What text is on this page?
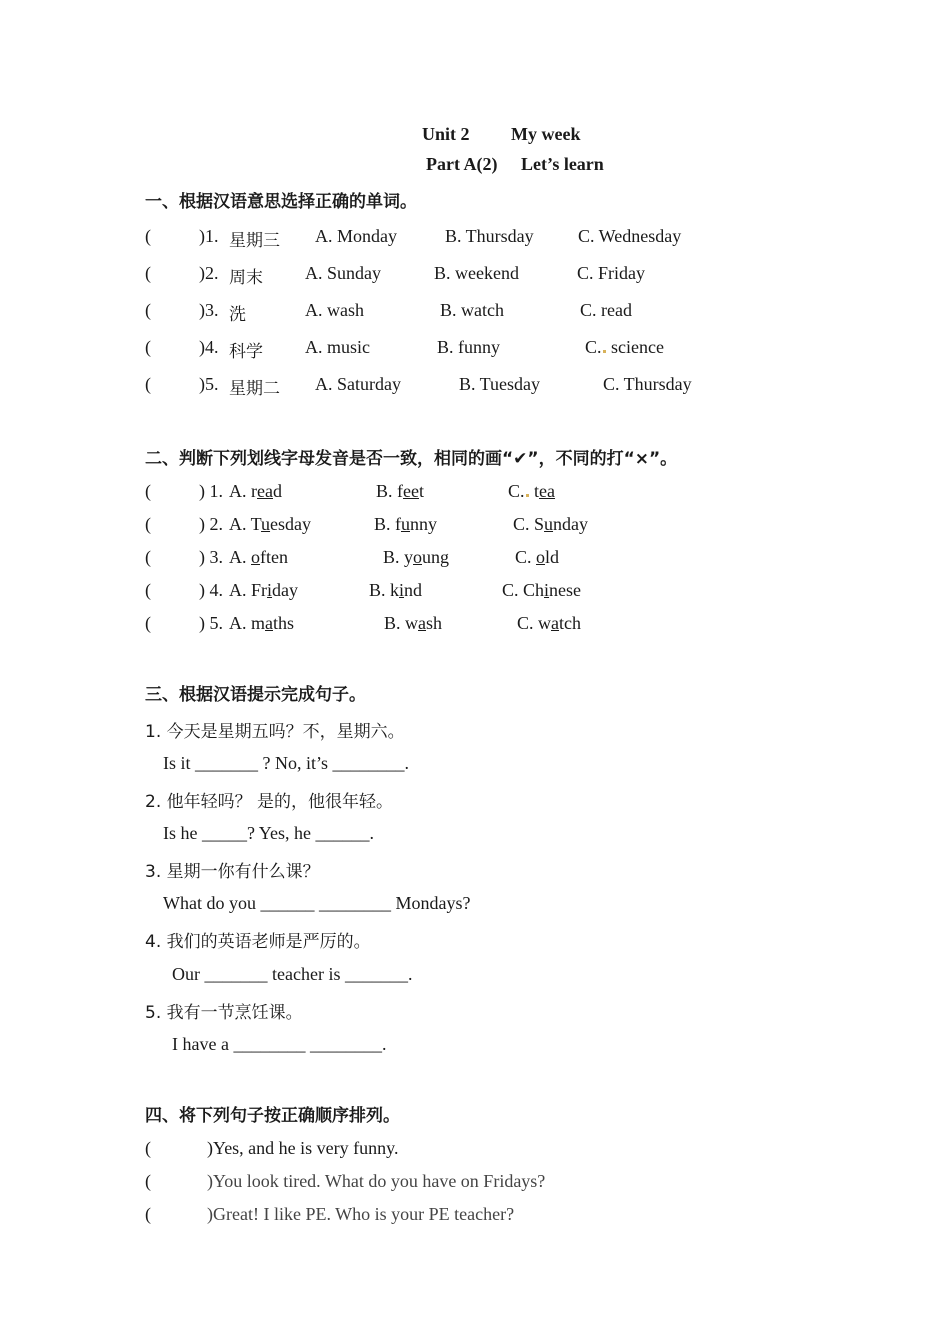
Unit 2 My week
Part A(2) Let’s learn
一、根据汉语意思选择正确的单词。
(	)1. 星期三 A. Monday	B. Thursday C. Wednesday
(	)2. 周末 A. Sunday	B. weekend	C. Friday
(	)3. 洗	A. wash	B. watch	C. read
(	)4. 科学 A. music	B. funny	C. science
(	)5. 星期二 A. Saturday	B. Tuesday	C. Thursday
二、判断下列划线字母发音是否一致，相同的画“✔”，不同的打“×”。
(	) 1. A. read	B. feet	C. tea
(	) 2. A. Tuesday	B. funny	C. Sunday
(	) 3. A. often	B. young	C. old
(	) 4. A. Friday	B. kind	C. Chinese
(	) 5. A. maths	B. wash	C. watch
三、根据汉语提示完成句子。
1. 今天是星期五吗？不，星期六。
Is it _______ ? No, it’s ________.
2. 他年轻吗？ 是的，他很年轻。
Is he _____? Yes, he ______.
3. 星期一你有什么课？
What do you ______ ________ Mondays?
4. 我们的英语老师是严厉的。
Our _______ teacher is _______.
5. 我有一节烹饪课。
I have a ________ ________.
四、将下列句子按正确顺序排列。
(	)Yes, and he is very funny.
(	)You look tired. What do you have on Fridays?
(	)Great! I like PE. Who is your PE teacher?
